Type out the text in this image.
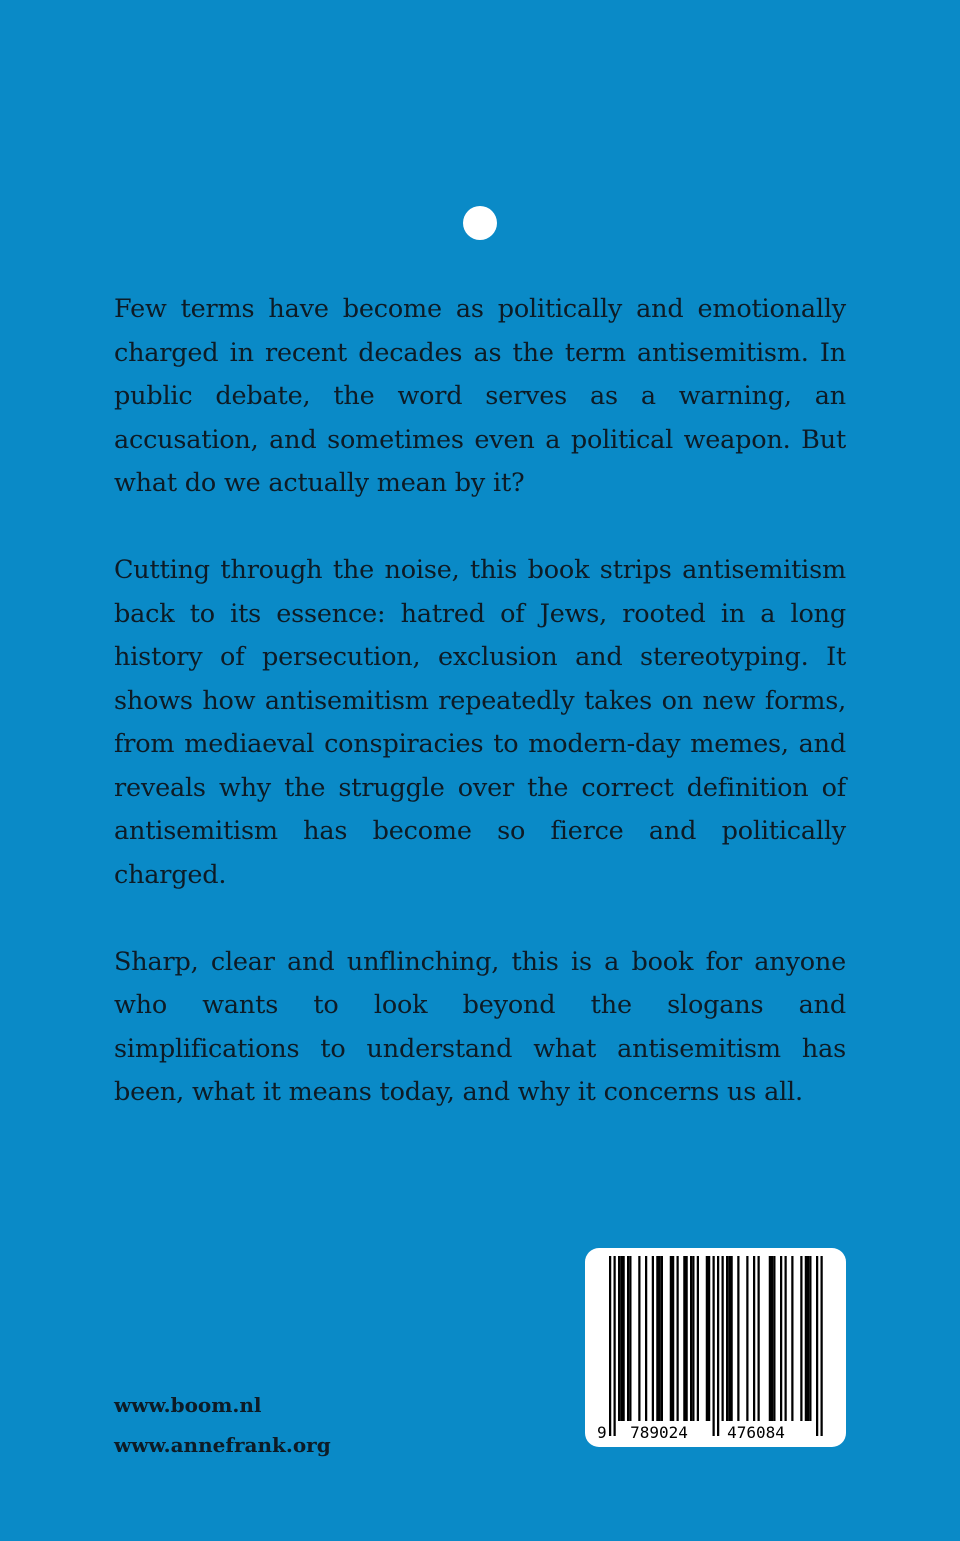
Few terms have become as politically and emotionally charged in recent decades as the term antisemitism. In public debate, the word serves as a warning, an accusation, and sometimes even a political weapon. But what do we actually mean by it?

Cutting through the noise, this book strips antisemitism back to its essence: hatred of Jews, rooted in a long history of persecution, exclusion and stereotyping. It shows how antisemitism repeatedly takes on new forms, from mediaeval conspiracies to modern-day memes, and reveals why the struggle over the correct definition of antisemitism has become so fierce and politically charged.

Sharp, clear and unflinching, this is a book for anyone who wants to look beyond the slogans and simplifications to understand what antisemitism has been, what it means today, and why it concerns us all.

www.boom.nl
www.annefrank.org
9 789024 476084
